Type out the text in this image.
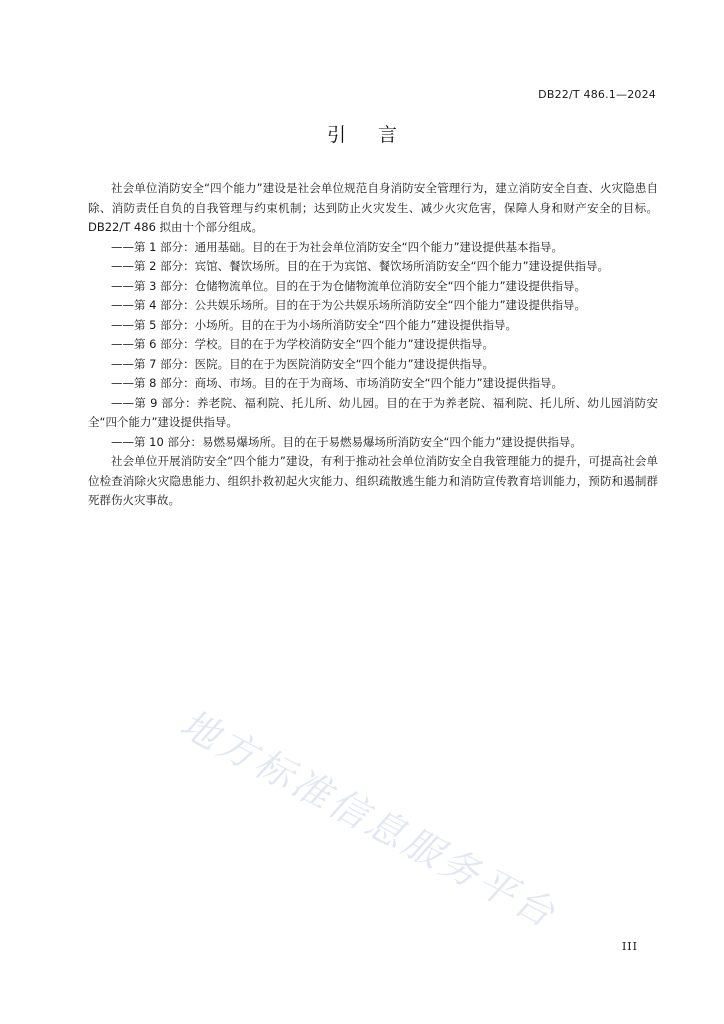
DB22/T 486.1—2024
引言

社会单位消防安全“四个能力”建设是社会单位规范自身消防安全管理行为，建立消防安全自查、火灾隐患自除、消防责任自负的自我管理与约束机制；达到防止火灾发生、减少火灾危害，保障人身和财产安全的目标。DB22/T 486 拟由十个部分组成。

——第 1 部分：通用基础。目的在于为社会单位消防安全“四个能力”建设提供基本指导。

——第 2 部分：宾馆、餐饮场所。目的在于为宾馆、餐饮场所消防安全“四个能力”建设提供指导。

——第 3 部分：仓储物流单位。目的在于为仓储物流单位消防安全“四个能力”建设提供指导。

——第 4 部分：公共娱乐场所。目的在于为公共娱乐场所消防安全“四个能力”建设提供指导。

——第 5 部分：小场所。目的在于为小场所消防安全“四个能力”建设提供指导。

——第 6 部分：学校。目的在于为学校消防安全“四个能力”建设提供指导。

——第 7 部分：医院。目的在于为医院消防安全“四个能力”建设提供指导。

——第 8 部分：商场、市场。目的在于为商场、市场消防安全“四个能力”建设提供指导。

——第 9 部分：养老院、福利院、托儿所、幼儿园。目的在于为养老院、福利院、托儿所、幼儿园消防安全“四个能力”建设提供指导。

——第 10 部分：易燃易爆场所。目的在于易燃易爆场所消防安全“四个能力”建设提供指导。

社会单位开展消防安全“四个能力”建设，有利于推动社会单位消防安全自我管理能力的提升，可提高社会单位检查消除火灾隐患能力、组织扑救初起火灾能力、组织疏散逃生能力和消防宣传教育培训能力，预防和遏制群死群伤火灾事故。

地方标准信息服务平台
III
